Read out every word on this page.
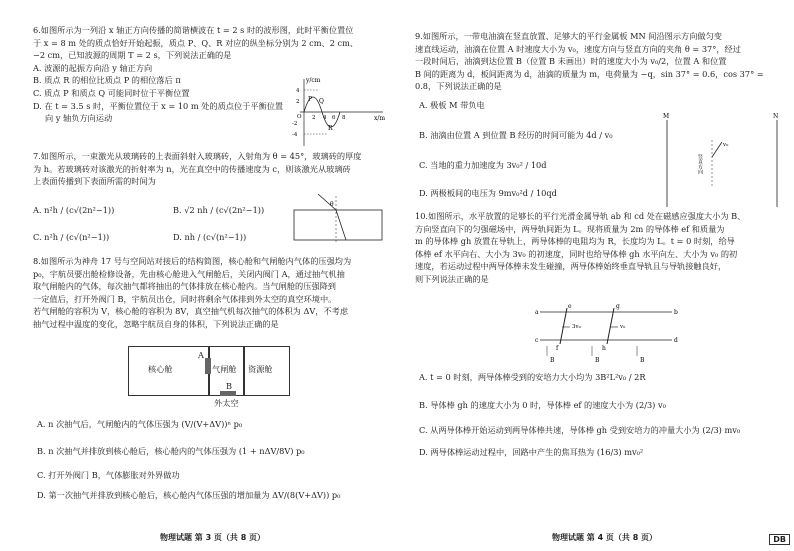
6.如图所示为一列沿 x 轴正方向传播的简谐横波在 t = 2 s 时的波形图，此时平衡位置位

于 x = 8 m 处的质点恰好开始起振，质点 P、Q、R 对应的纵坐标分别为 2 cm、2 cm、

−2 cm，已知波源的周期 T = 2 s，下列说法正确的是

A. 波源的起振方向沿 y 轴正方向

B. 质点 R 的相位比质点 P 的相位落后 π

C. 质点 P 和质点 Q 可能同时位于平衡位置

D. 在 t = 3.5 s 时，平衡位置位于 x = 10 m 处的质点位于平衡位置

向 y 轴负方向运动

y/cm
x/m
4
2
-2
-4
O 2 4 6 8
P Q
R

7.如图所示，一束激光从玻璃砖的上表面斜射入玻璃砖，入射角为 θ = 45°，玻璃砖的厚度

为 h。若玻璃砖对该激光的折射率为 n，光在真空中的传播速度为 c，则该激光从玻璃砖

上表面传播到下表面所需的时间为

A. n²h / (c√(2n²−1))	B. √2 nh / (c√(2n²−1))
C. n²h / (c√(n²−1))	D. nh / (c√(n²−1))
θ

8.如图所示为神舟 17 号与空间站对接后的结构简图，核心舱和气闸舱内气体的压强均为

p₀，宇航员要出舱检修设备，先由核心舱进入气闸舱后，关闭内阀门 A，通过抽气机抽

取气闸舱内的气体，每次抽气都将抽出的气体排放在核心舱内。当气闸舱的压强降到

一定值后，打开外阀门 B，宇航员出仓，同时将剩余气体排到外太空的真空环境中。

若气闸舱的容积为 V，核心舱的容积为 8V，真空抽气机每次抽气的体积为 ΔV，不考虑

抽气过程中温度的变化，忽略宇航员自身的体积，下列说法正确的是

核心舱	气闸舱 资源舱
A
B
外太空
A. n 次抽气后，气闸舱内的气体压强为 (V/(V+ΔV))ⁿ p₀
B. n 次抽气并排放到核心舱后，核心舱内的气体压强为 (1 + nΔV/8V) p₀
C. 打开外阀门 B，气体膨胀对外界做功
D. 第一次抽气并排放到核心舱后，核心舱内气体压强的增加量为 ΔV/(8(V+ΔV)) p₀
物理试题 第 3 页（共 8 页）

9.如图所示，一带电油滴在竖直放置、足够大的平行金属板 MN 间沿图示方向做匀变

速直线运动，油滴在位置 A 时速度大小为 v₀，速度方向与竖直方向的夹角 θ = 37°，经过

一段时间后，油滴到达位置 B（位置 B 未画出）时的速度大小为 v₀/2，位置 A 和位置

B 间的距离为 d，板间距离为 d，油滴的质量为 m，电荷量为 −q，sin 37° = 0.6，cos 37° =

0.8，下列说法正确的是

A. 极板 M 带负电
B. 油滴由位置 A 到位置 B 经历的时间可能为 4d / v₀
C. 当地的重力加速度为 3v₀² / 10d
D. 两极板间的电压为 9mv₀²d / 10qd
M	N
竖直方向
v₀

10.如图所示，水平放置的足够长的平行光滑金属导轨 ab 和 cd 处在磁感应强度大小为 B、

方向竖直向下的匀强磁场中，两导轨间距为 L。现将质量为 2m 的导体棒 ef 和质量为

m 的导体棒 gh 放置在导轨上，两导体棒的电阻均为 R，长度均为 L。t = 0 时刻，给导

体棒 ef 水平向右、大小为 3v₀ 的初速度，同时也给导体棒 gh 水平向左、大小为 v₀ 的初

速度，若运动过程中两导体棒未发生碰撞，两导体棒始终垂直导轨且与导轨接触良好，

则下列说法正确的是

a	b
c	d
e
f
g
h
3v₀	v₀
B	B	B
A. t = 0 时刻，两导体棒受到的安培力大小均为 3B²L²v₀ / 2R
B. 导体棒 gh 的速度大小为 0 时，导体棒 ef 的速度大小为 (2/3) v₀
C. 从两导体棒开始运动到两导体棒共速，导体棒 gh 受到安培力的冲量大小为 (2/3) mv₀
D. 两导体棒运动过程中，回路中产生的焦耳热为 (16/3) mv₀²
物理试题 第 4 页（共 8 页）	DB
